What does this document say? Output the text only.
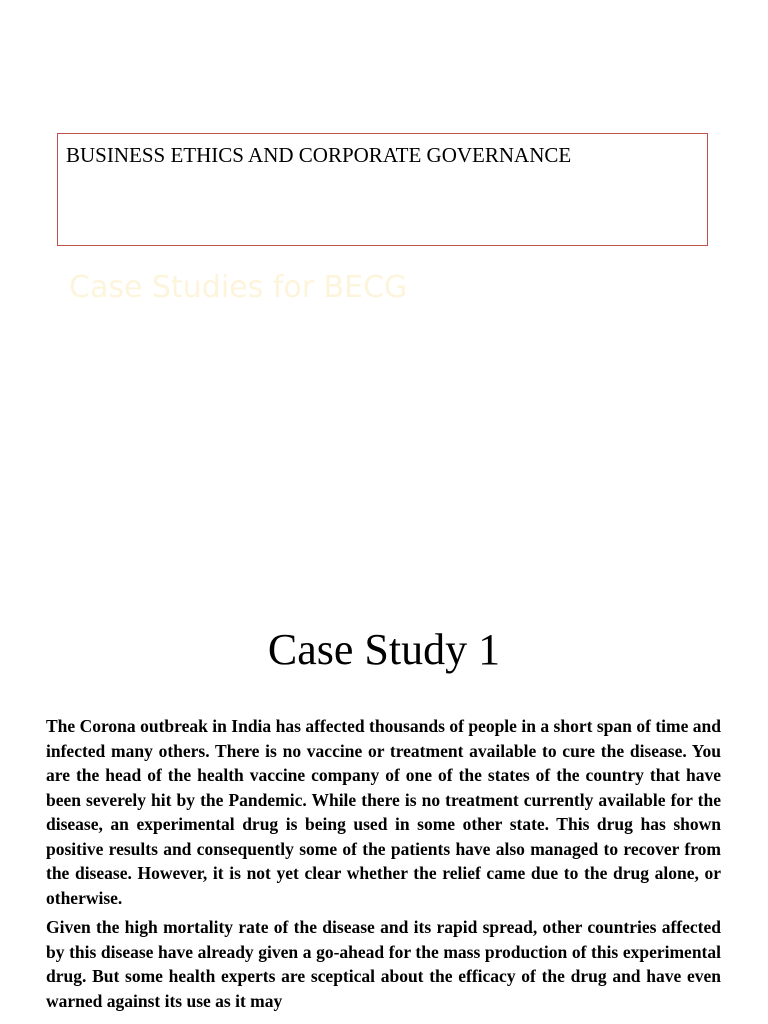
BUSINESS ETHICS AND CORPORATE GOVERNANCE
Case Studies for BECG
Case Study 1

The Corona outbreak in India has affected thousands of people in a short span of time and infected many others. There is no vaccine or treatment available to cure the disease. You are the head of the health vaccine company of one of the states of the country that have been severely hit by the Pandemic. While there is no treatment currently available for the disease, an experimental drug is being used in some other state. This drug has shown positive results and consequently some of the patients have also managed to recover from the disease. However, it is not yet clear whether the relief came due to the drug alone, or otherwise.

Given the high mortality rate of the disease and its rapid spread, other countries affected by this disease have already given a go-ahead for the mass production of this experimental drug. But some health experts are sceptical about the efficacy of the drug and have even warned against its use as it may
